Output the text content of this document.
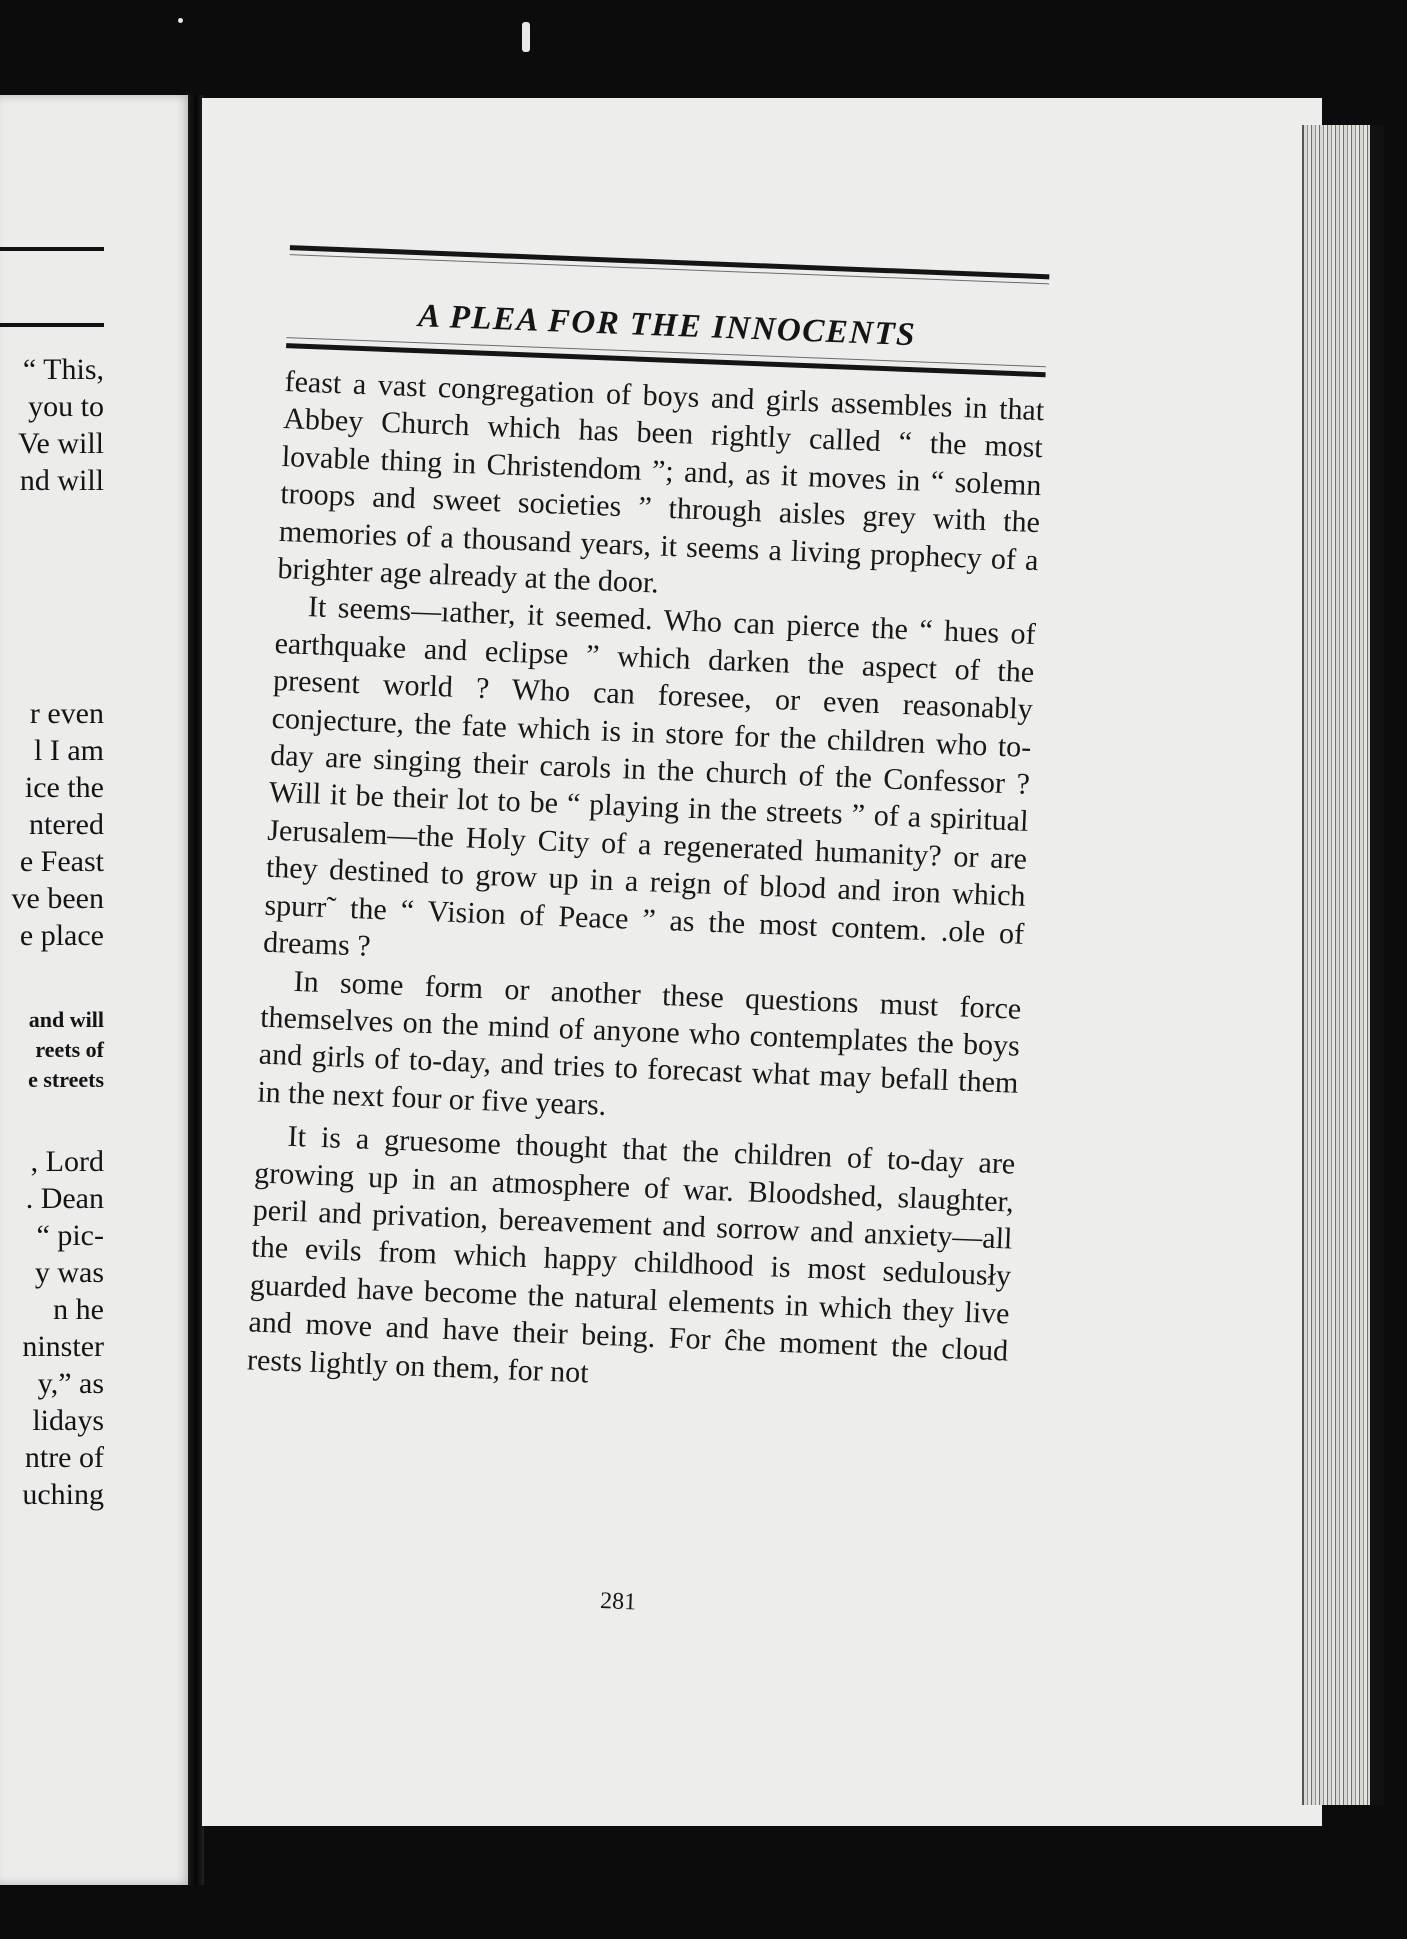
“ This,
you to
Ve will
nd will
r even
l I am
ice the
ntered
e Feast
ve been
e place
and will
reets of
e streets
, Lord
. Dean
“ pic-
y was
n he
ninster
y,” as
lidays
ntre of
uching
A PLEA FOR THE INNOCENTS

feast a vast congregation of boys and girls assembles in that Abbey Church which has been rightly called “ the most lovable thing in Christendom ”; and, as it moves in “ solemn troops and sweet societies ” through aisles grey with the memories of a thousand years, it seems a living prophecy of a brighter age already at the door.

It seems—ıather, it seemed. Who can pierce the “ hues of earthquake and eclipse ” which darken the aspect of the present world ? Who can foresee, or even reasonably conjecture, the fate which is in store for the children who to-day are singing their carols in the church of the Confessor ? Will it be their lot to be “ playing in the streets ” of a spiritual Jerusalem—the Holy City of a regenerated humanity? or are they destined to grow up in a reign of bloɔd and iron which spurr˜ the “ Vision of Peace ” as the most contem. .ole of dreams ?

In some form or another these questions must force themselves on the mind of anyone who contemplates the boys and girls of to-day, and tries to forecast what may befall them in the next four or five years.

It is a gruesome thought that the children of to-day are growing up in an atmosphere of war. Bloodshed, slaughter, peril and privation, bereavement and sorrow and anxiety—all the evils from which happy childhood is most sedulousły guarded have become the natural elements in which they live and move and have their being. For ĉhe moment the cloud rests lightly on them, for not

281
